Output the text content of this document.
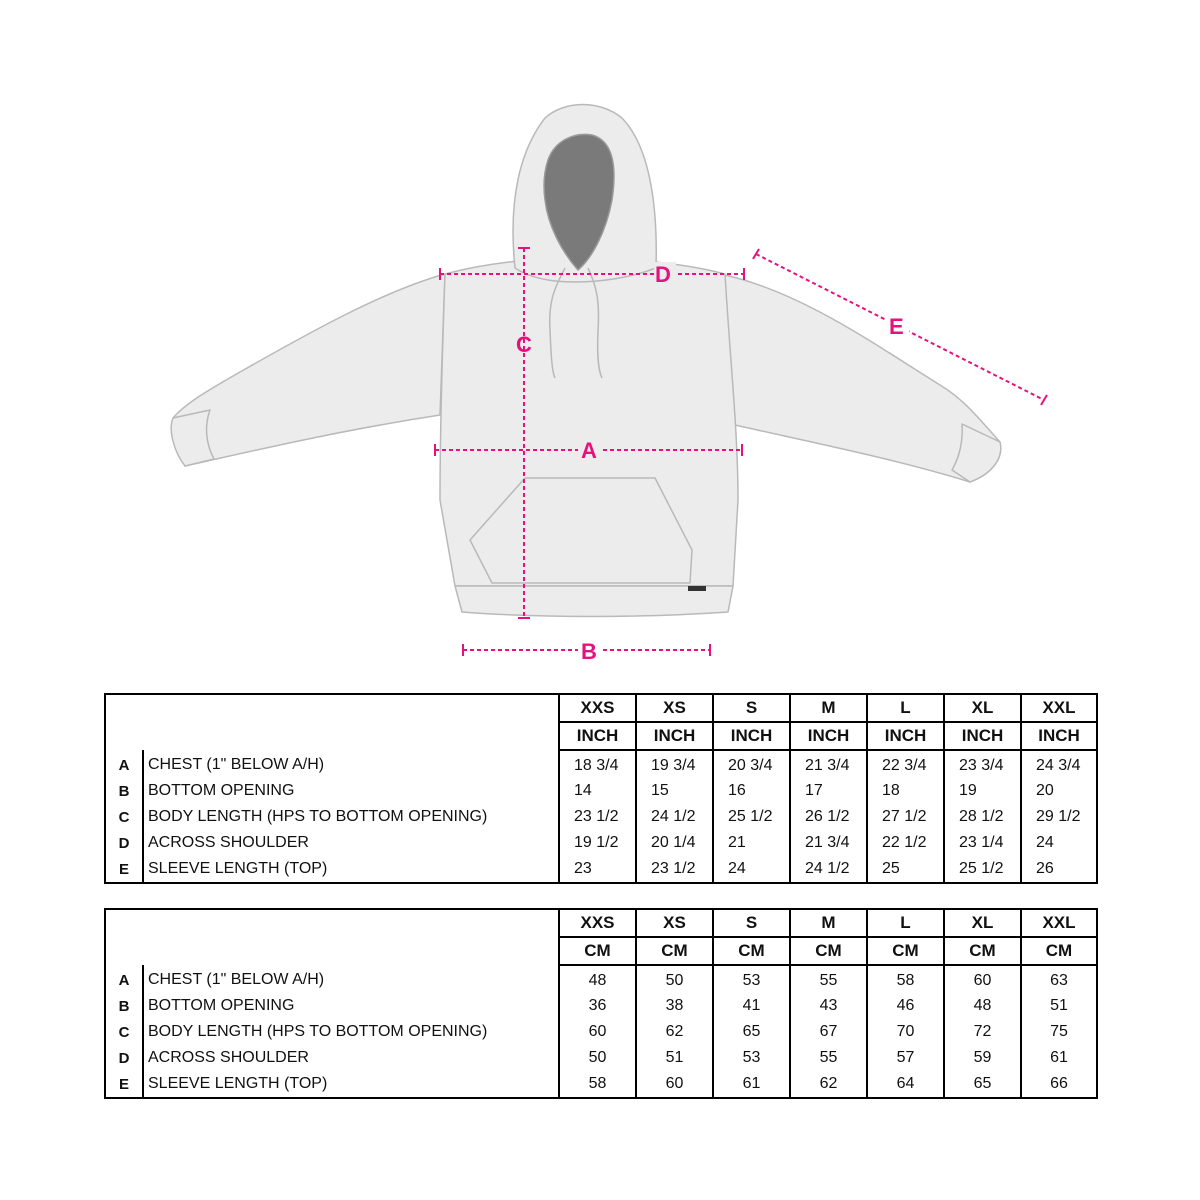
A
B
C
D
E
		XXS	XS	S	M	L	XL	XXL
		INCH	INCH	INCH	INCH	INCH	INCH	INCH
A	CHEST (1" BELOW A/H)	18 3/4	19 3/4	20 3/4	21 3/4	22 3/4	23 3/4	24 3/4
B	BOTTOM OPENING	14	15	16	17	18	19	20
C	BODY LENGTH (HPS TO BOTTOM OPENING)	23 1/2	24 1/2	25 1/2	26 1/2	27 1/2	28 1/2	29 1/2
D	ACROSS SHOULDER	19 1/2	20 1/4	21	21 3/4	22 1/2	23 1/4	24
E	SLEEVE LENGTH (TOP)	23	23 1/2	24	24 1/2	25	25 1/2	26
		XXS	XS	S	M	L	XL	XXL
		CM	CM	CM	CM	CM	CM	CM
A	CHEST (1" BELOW A/H)	48	50	53	55	58	60	63
B	BOTTOM OPENING	36	38	41	43	46	48	51
C	BODY LENGTH (HPS TO BOTTOM OPENING)	60	62	65	67	70	72	75
D	ACROSS SHOULDER	50	51	53	55	57	59	61
E	SLEEVE LENGTH (TOP)	58	60	61	62	64	65	66
